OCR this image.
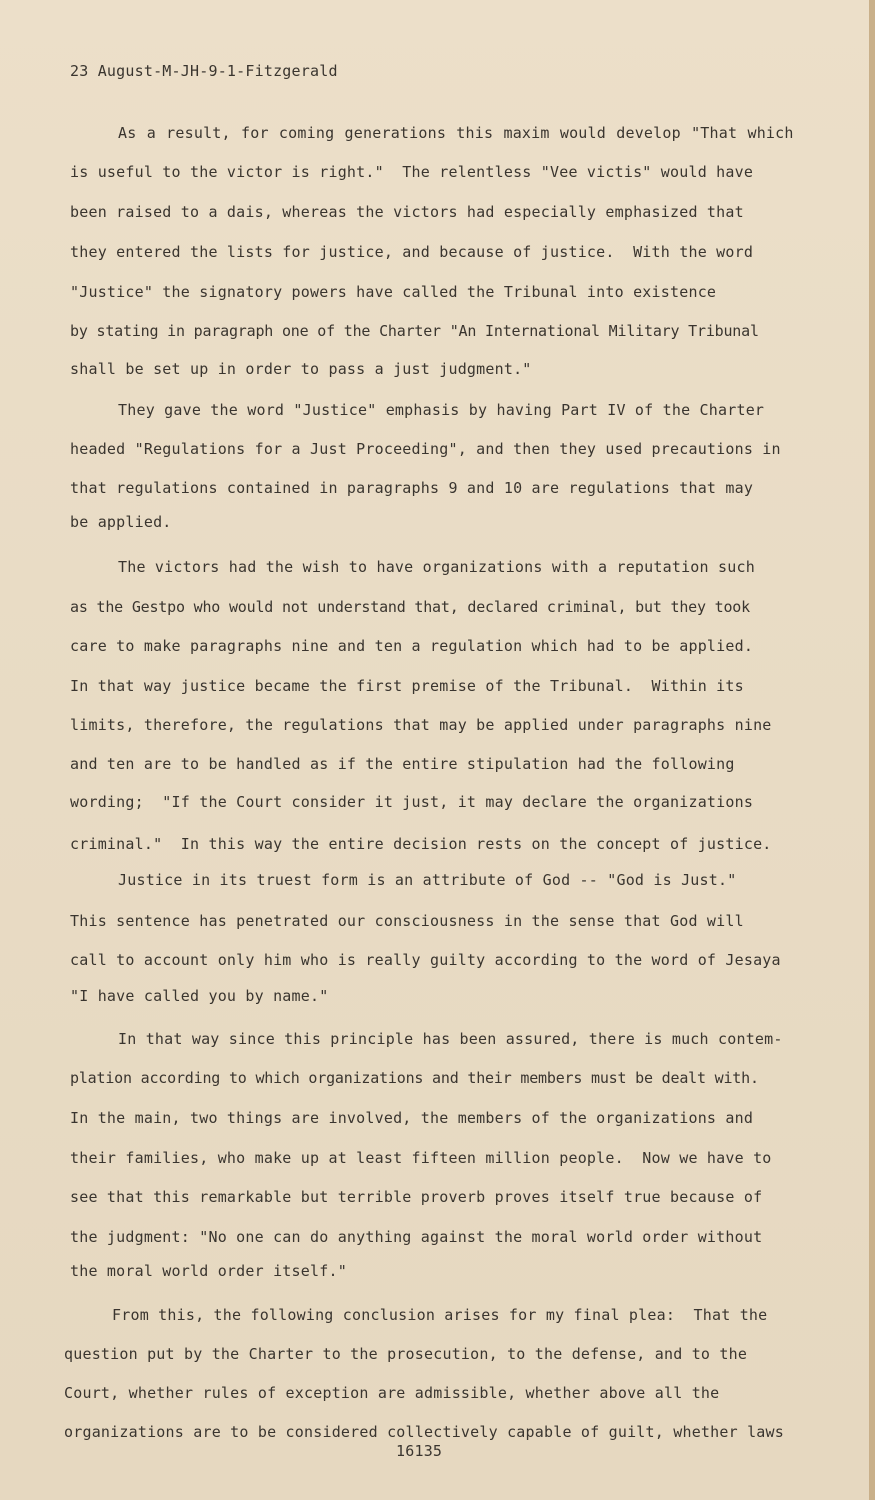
23 August-M-JH-9-1-Fitzgerald
As a result, for coming generations this maxim would develop "That which
is useful to the victor is right."  The relentless "Vee victis" would have
been raised to a dais, whereas the victors had especially emphasized that
they entered the lists for justice, and because of justice.  With the word
"Justice" the signatory powers have called the Tribunal into existence
by stating in paragraph one of the Charter "An International Military Tribunal
shall be set up in order to pass a just judgment."
They gave the word "Justice" emphasis by having Part IV of the Charter
headed "Regulations for a Just Proceeding", and then they used precautions in
that regulations contained in paragraphs 9 and 10 are regulations that may
be applied.
The victors had the wish to have organizations with a reputation such
as the Gestpo who would not understand that, declared criminal, but they took
care to make paragraphs nine and ten a regulation which had to be applied.
In that way justice became the first premise of the Tribunal.  Within its
limits, therefore, the regulations that may be applied under paragraphs nine
and ten are to be handled as if the entire stipulation had the following
wording;  "If the Court consider it just, it may declare the organizations
criminal."  In this way the entire decision rests on the concept of justice.
Justice in its truest form is an attribute of God -- "God is Just."
This sentence has penetrated our consciousness in the sense that God will
call to account only him who is really guilty according to the word of Jesaya
"I have called you by name."
In that way since this principle has been assured, there is much contem-
plation according to which organizations and their members must be dealt with.
In the main, two things are involved, the members of the organizations and
their families, who make up at least fifteen million people.  Now we have to
see that this remarkable but terrible proverb proves itself true because of
the judgment: "No one can do anything against the moral world order without
the moral world order itself."
From this, the following conclusion arises for my final plea:  That the
question put by the Charter to the prosecution, to the defense, and to the
Court, whether rules of exception are admissible, whether above all the
organizations are to be considered collectively capable of guilt, whether laws
16135
